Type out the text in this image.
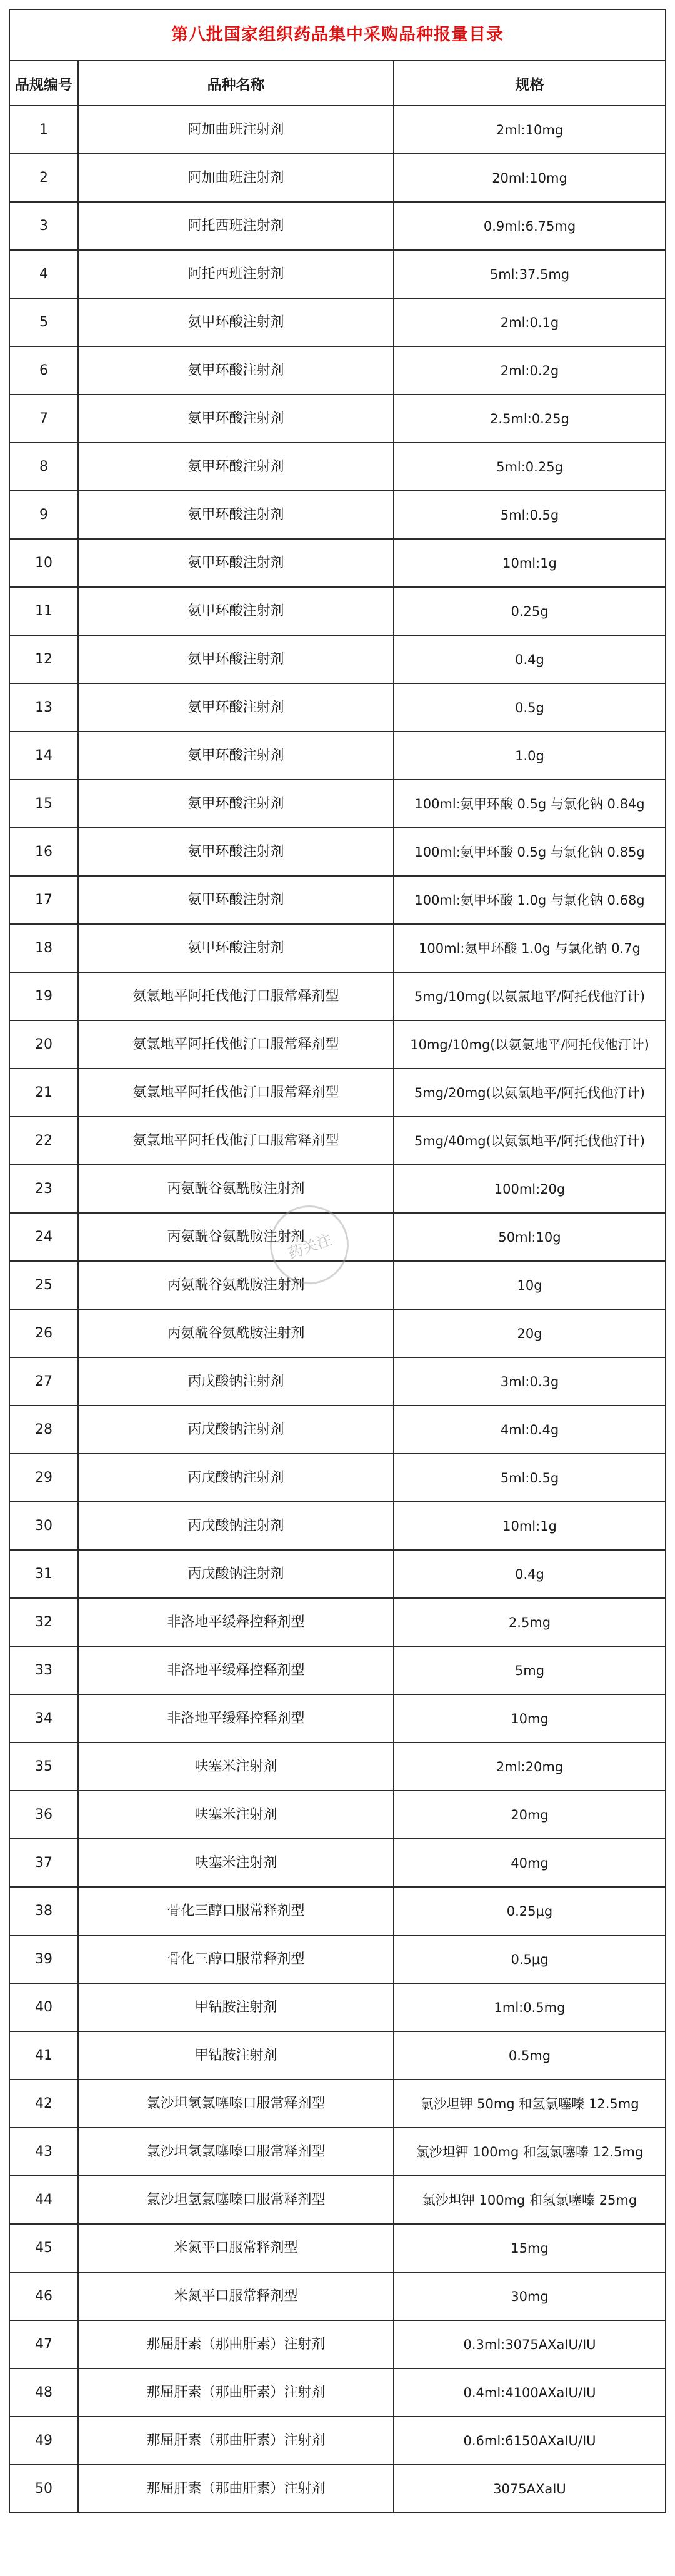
第八批国家组织药品集中采购品种报量目录		
品规编号	品种名称	规格
1	阿加曲班注射剂	2ml:10mg
2	阿加曲班注射剂	20ml:10mg
3	阿托西班注射剂	0.9ml:6.75mg
4	阿托西班注射剂	5ml:37.5mg
5	氨甲环酸注射剂	2ml:0.1g
6	氨甲环酸注射剂	2ml:0.2g
7	氨甲环酸注射剂	2.5ml:0.25g
8	氨甲环酸注射剂	5ml:0.25g
9	氨甲环酸注射剂	5ml:0.5g
10	氨甲环酸注射剂	10ml:1g
11	氨甲环酸注射剂	0.25g
12	氨甲环酸注射剂	0.4g
13	氨甲环酸注射剂	0.5g
14	氨甲环酸注射剂	1.0g
15	氨甲环酸注射剂	100ml:氨甲环酸 0.5g 与氯化钠 0.84g
16	氨甲环酸注射剂	100ml:氨甲环酸 0.5g 与氯化钠 0.85g
17	氨甲环酸注射剂	100ml:氨甲环酸 1.0g 与氯化钠 0.68g
18	氨甲环酸注射剂	100ml:氨甲环酸 1.0g 与氯化钠 0.7g
19	氨氯地平阿托伐他汀口服常释剂型	5mg/10mg(以氨氯地平/阿托伐他汀计)
20	氨氯地平阿托伐他汀口服常释剂型	10mg/10mg(以氨氯地平/阿托伐他汀计)
21	氨氯地平阿托伐他汀口服常释剂型	5mg/20mg(以氨氯地平/阿托伐他汀计)
22	氨氯地平阿托伐他汀口服常释剂型	5mg/40mg(以氨氯地平/阿托伐他汀计)
23	丙氨酰谷氨酰胺注射剂	100ml:20g
24	丙氨酰谷氨酰胺注射剂	50ml:10g
25	丙氨酰谷氨酰胺注射剂	10g
26	丙氨酰谷氨酰胺注射剂	20g
27	丙戊酸钠注射剂	3ml:0.3g
28	丙戊酸钠注射剂	4ml:0.4g
29	丙戊酸钠注射剂	5ml:0.5g
30	丙戊酸钠注射剂	10ml:1g
31	丙戊酸钠注射剂	0.4g
32	非洛地平缓释控释剂型	2.5mg
33	非洛地平缓释控释剂型	5mg
34	非洛地平缓释控释剂型	10mg
35	呋塞米注射剂	2ml:20mg
36	呋塞米注射剂	20mg
37	呋塞米注射剂	40mg
38	骨化三醇口服常释剂型	0.25μg
39	骨化三醇口服常释剂型	0.5μg
40	甲钴胺注射剂	1ml:0.5mg
41	甲钴胺注射剂	0.5mg
42	氯沙坦氢氯噻嗪口服常释剂型	氯沙坦钾 50mg 和氢氯噻嗪 12.5mg
43	氯沙坦氢氯噻嗪口服常释剂型	氯沙坦钾 100mg 和氢氯噻嗪 12.5mg
44	氯沙坦氢氯噻嗪口服常释剂型	氯沙坦钾 100mg 和氢氯噻嗪 25mg
45	米氮平口服常释剂型	15mg
46	米氮平口服常释剂型	30mg
47	那屈肝素（那曲肝素）注射剂	0.3ml:3075AXaIU/IU
48	那屈肝素（那曲肝素）注射剂	0.4ml:4100AXaIU/IU
49	那屈肝素（那曲肝素）注射剂	0.6ml:6150AXaIU/IU
50	那屈肝素（那曲肝素）注射剂	3075AXaIU
药关注
